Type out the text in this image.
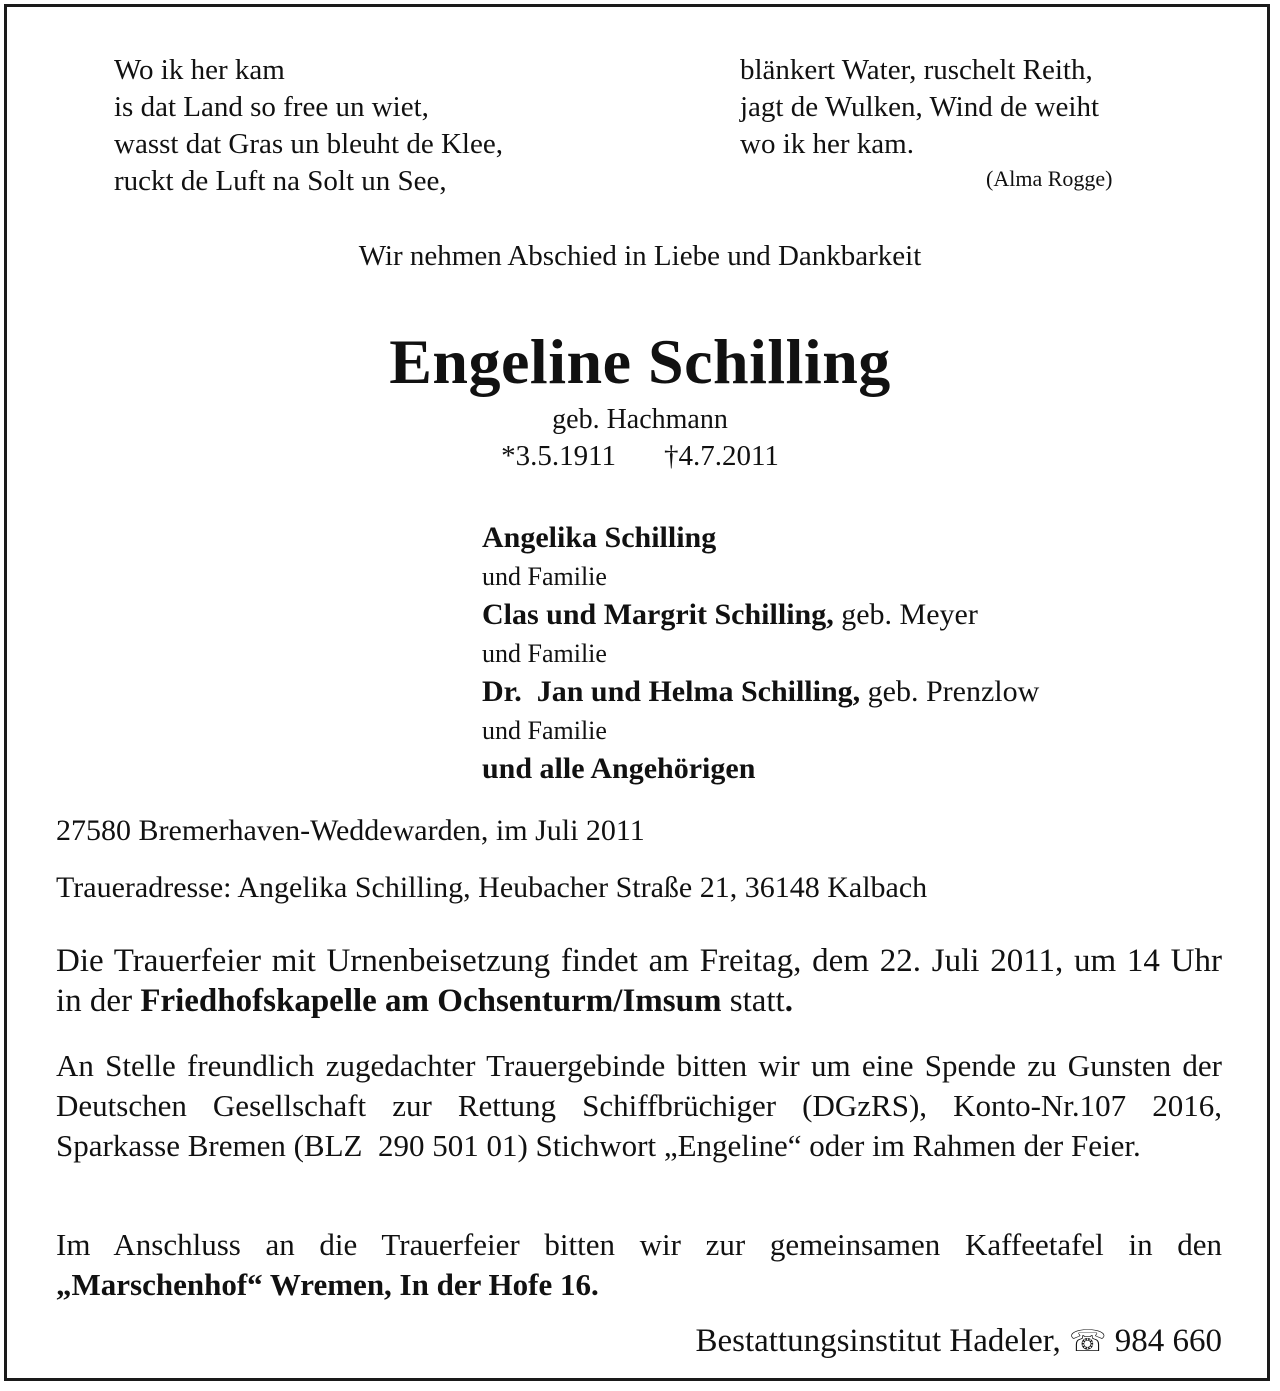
Wo ik her kam
is dat Land so free un wiet,
wasst dat Gras un bleuht de Klee,
ruckt de Luft na Solt un See,
blänkert Water, ruschelt Reith,
jagt de Wulken, Wind de weiht
wo ik her kam.
(Alma Rogge)
Wir nehmen Abschied in Liebe und Dankbarkeit
Engeline Schilling
geb. Hachmann
*3.5.1911 †4.7.2011
Angelika Schilling
und Familie
Clas und Margrit Schilling, geb. Meyer
und Familie
Dr.  Jan und Helma Schilling, geb. Prenzlow
und Familie
und alle Angehörigen
27580 Bremerhaven-Weddewarden, im Juli 2011
Traueradresse: Angelika Schilling, Heubacher Straße 21, 36148 Kalbach
Die Trauerfeier mit Urnenbeisetzung findet am Freitag, dem 22. Juli 2011, um 14 Uhr in der Friedhofskapelle am Ochsenturm/Imsum statt.
An Stelle freundlich zugedachter Trauergebinde bitten wir um eine Spende zu Gunsten der Deutschen Gesellschaft zur Rettung Schiffbrüchiger (DGzRS), Konto-Nr.107 2016, Sparkasse Bremen (BLZ  290 501 01) Stichwort „Engeline“ oder im Rahmen der Feier.
Im Anschluss an die Trauerfeier bitten wir zur gemeinsamen Kaffeetafel in den „Marschenhof“ Wremen, In der Hofe 16.
Bestattungsinstitut Hadeler, ☏ 984 660
